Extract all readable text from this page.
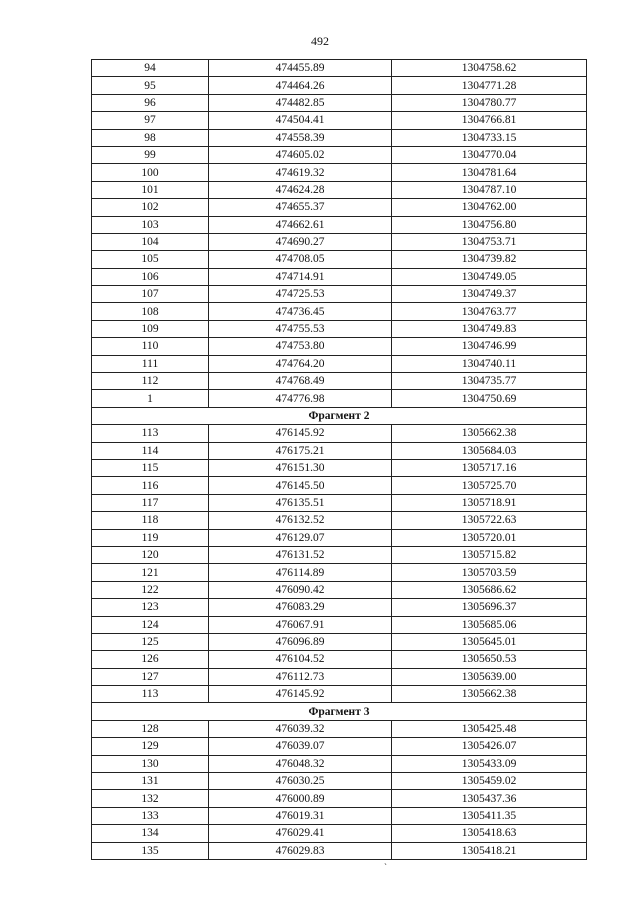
492
94	474455.89	1304758.62
95	474464.26	1304771.28
96	474482.85	1304780.77
97	474504.41	1304766.81
98	474558.39	1304733.15
99	474605.02	1304770.04
100	474619.32	1304781.64
101	474624.28	1304787.10
102	474655.37	1304762.00
103	474662.61	1304756.80
104	474690.27	1304753.71
105	474708.05	1304739.82
106	474714.91	1304749.05
107	474725.53	1304749.37
108	474736.45	1304763.77
109	474755.53	1304749.83
110	474753.80	1304746.99
111	474764.20	1304740.11
112	474768.49	1304735.77
1	474776.98	1304750.69
Фрагмент 2		
113	476145.92	1305662.38
114	476175.21	1305684.03
115	476151.30	1305717.16
116	476145.50	1305725.70
117	476135.51	1305718.91
118	476132.52	1305722.63
119	476129.07	1305720.01
120	476131.52	1305715.82
121	476114.89	1305703.59
122	476090.42	1305686.62
123	476083.29	1305696.37
124	476067.91	1305685.06
125	476096.89	1305645.01
126	476104.52	1305650.53
127	476112.73	1305639.00
113	476145.92	1305662.38
Фрагмент 3		
128	476039.32	1305425.48
129	476039.07	1305426.07
130	476048.32	1305433.09
131	476030.25	1305459.02
132	476000.89	1305437.36
133	476019.31	1305411.35
134	476029.41	1305418.63
135	476029.83	1305418.21
`
